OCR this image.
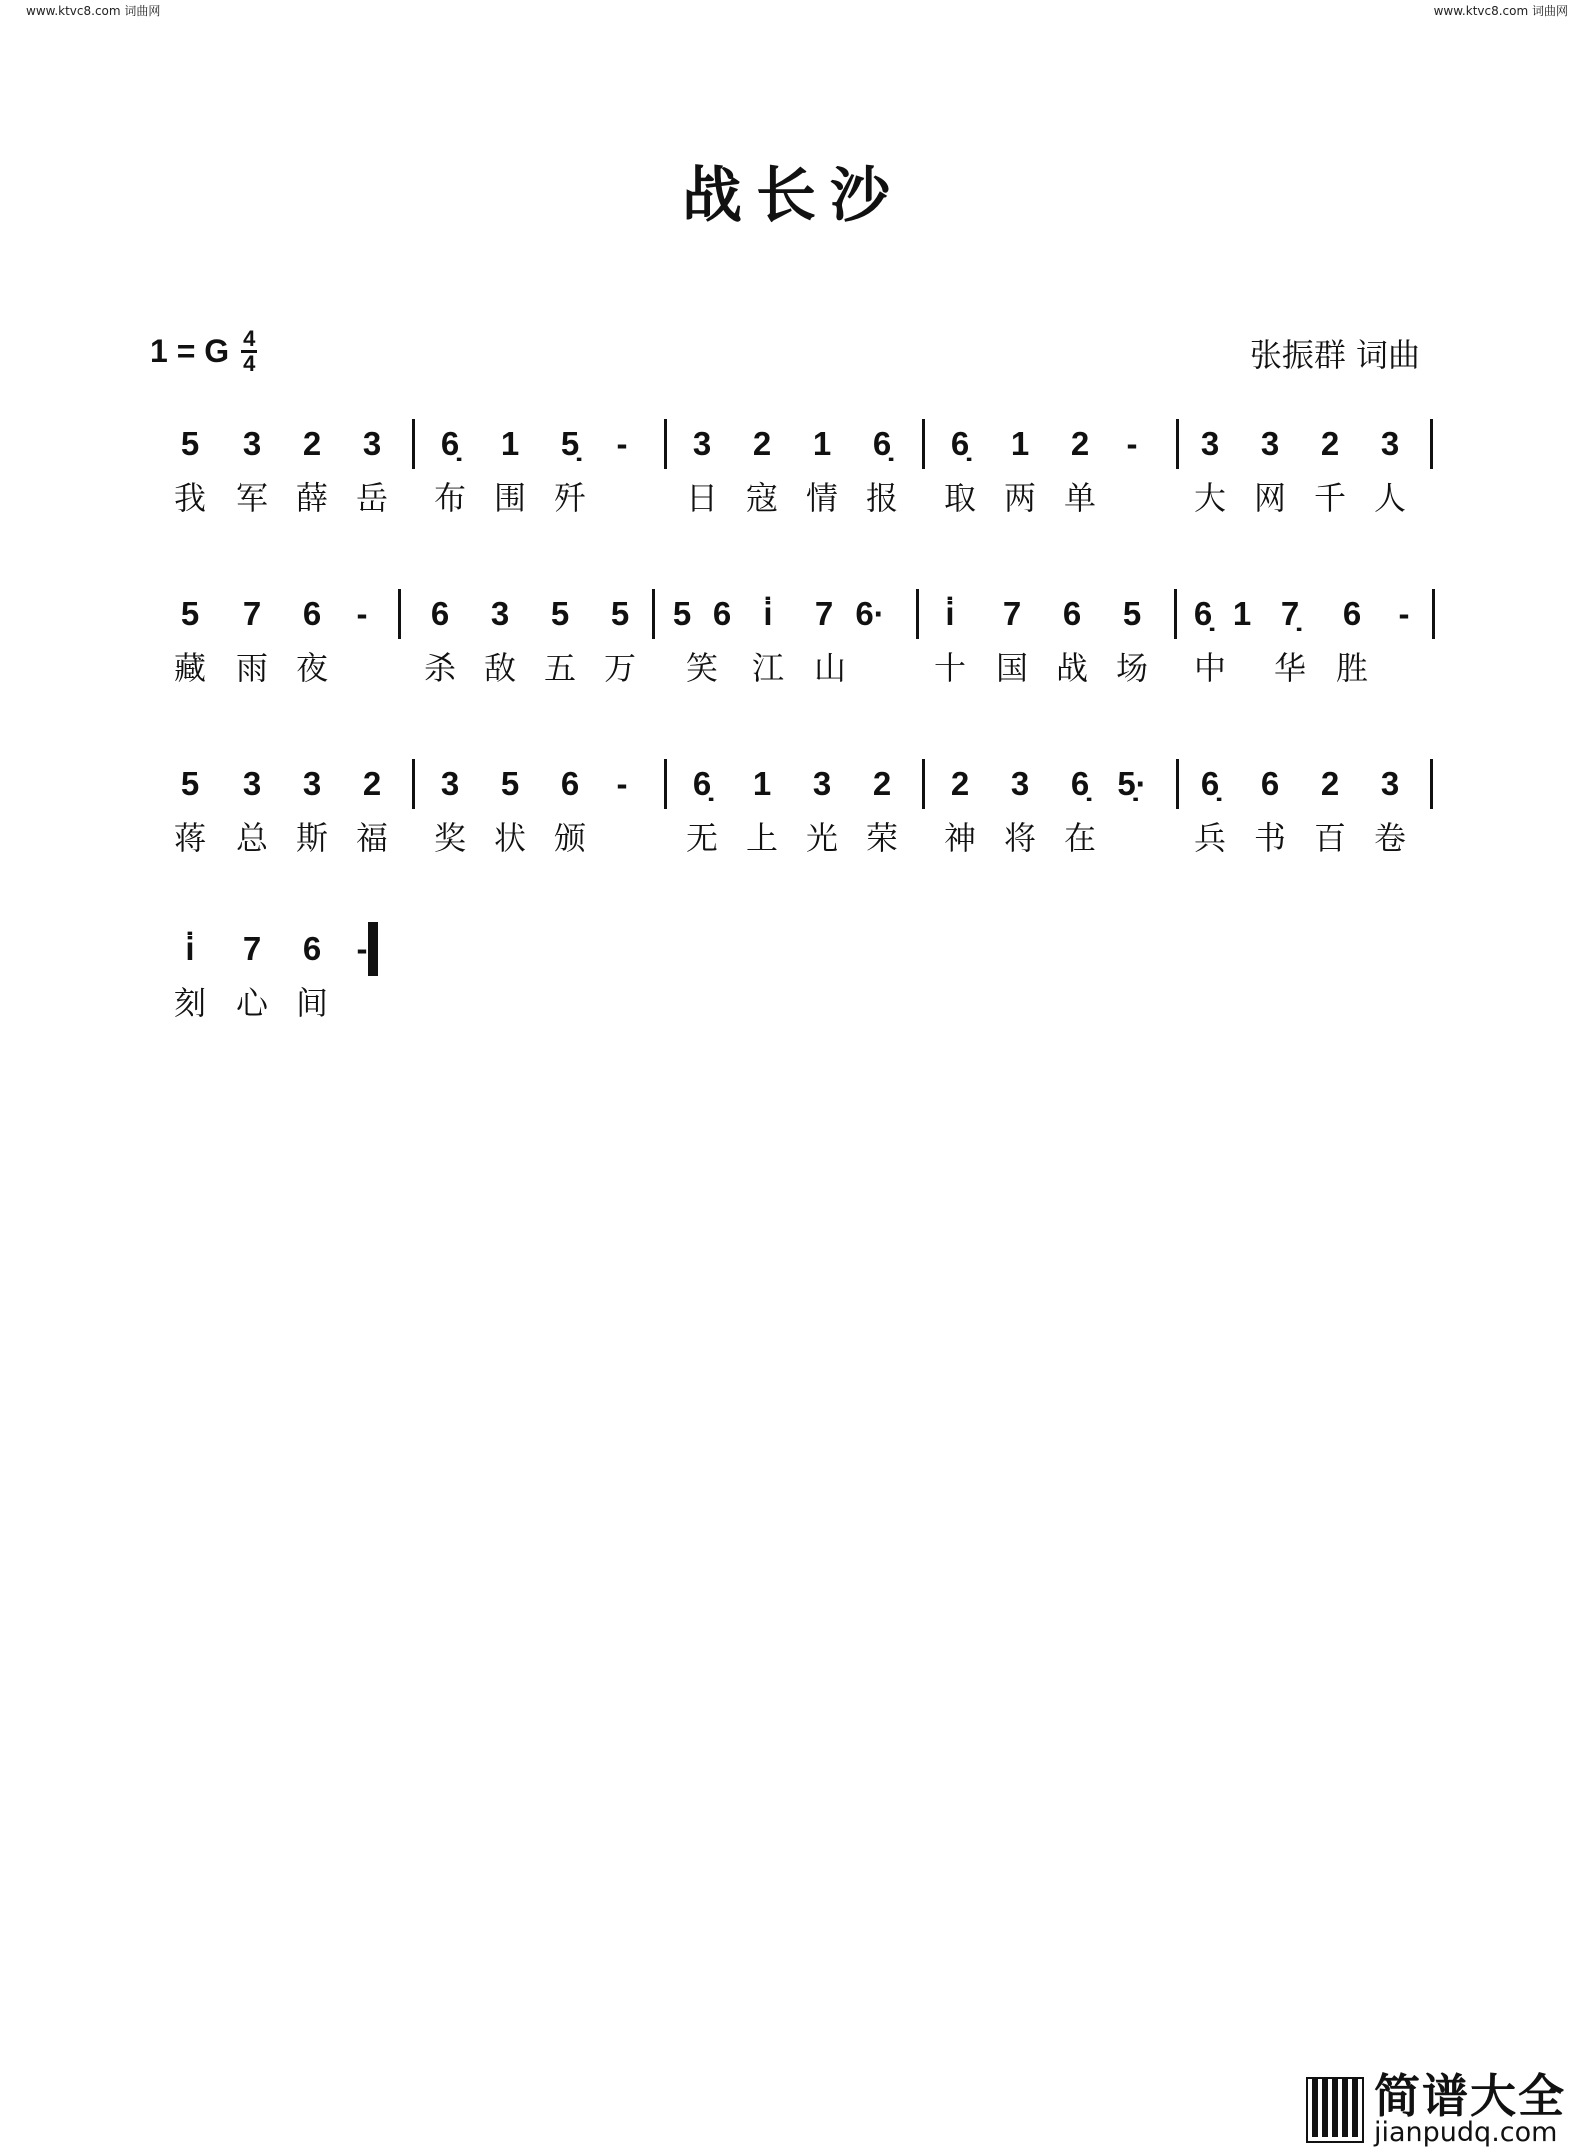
www.ktvc8.com 词曲网	www.ktvc8.com 词曲网
战长沙
1 = G 4
4	张振群 词曲
5 3 2 3 6̣ 1 5̣	-	3 2 1 6̣ 6̣ 1 2	-	3 3 2 3
我 军 薛 岳 布 围 歼	日 寇 情 报 取 两 单	大 网 千 人
5 7 6	-	6 3 5 5 5 6 i̇	7 6·	i̇	7 6 5 6̣ 1 7̣ 6	-
藏 雨 夜	杀 敌 五 万 笑 江 山	十 国 战 场 中 华 胜
5 3 3 2 3 5 6	-	6̣ 1 3 2 2 3 6̣ 5̣· 6̣ 6 2 3
蒋 总 斯 福 奖 状 颁	无 上 光 荣 神 将 在	兵 书 百 卷
i̇	7 6	-
刻 心 间
简谱大全
jianpudq.com
